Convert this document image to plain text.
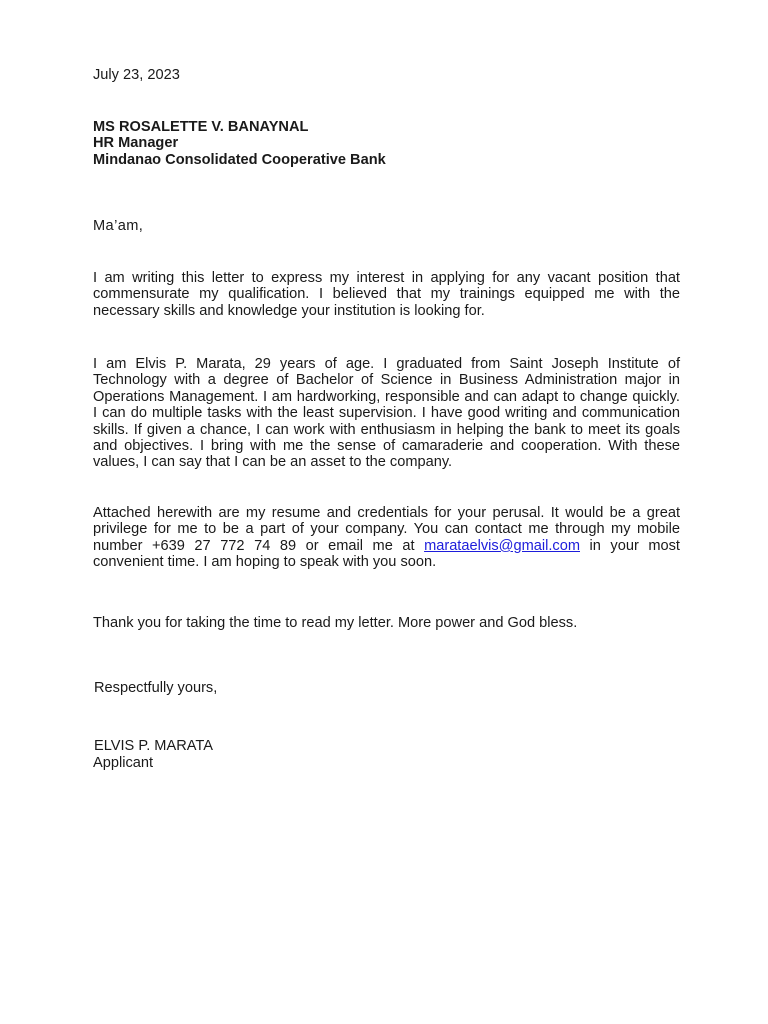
July 23, 2023

MS ROSALETTE V. BANAYNAL
HR Manager
Mindanao Consolidated Cooperative Bank

Ma’am,

I am writing this letter to express my interest in applying for any vacant position that commensurate my qualification. I believed that my trainings equipped me with the necessary skills and knowledge your institution is looking for.

I am Elvis P. Marata, 29 years of age. I graduated from Saint Joseph Institute of Technology with a degree of Bachelor of Science in Business Administration major in Operations Management. I am hardworking, responsible and can adapt to change quickly. I can do multiple tasks with the least supervision. I have good writing and communication skills. If given a chance, I can work with enthusiasm in helping the bank to meet its goals and objectives. I bring with me the sense of camaraderie and cooperation. With these values, I can say that I can be an asset to the company.

Attached herewith are my resume and credentials for your perusal. It would be a great privilege for me to be a part of your company. You can contact me through my mobile number +639 27 772 74 89 or email me at marataelvis@gmail.com in your most convenient time. I am hoping to speak with you soon.

Thank you for taking the time to read my letter. More power and God bless.

Respectfully yours,

ELVIS P. MARATA

Applicant
